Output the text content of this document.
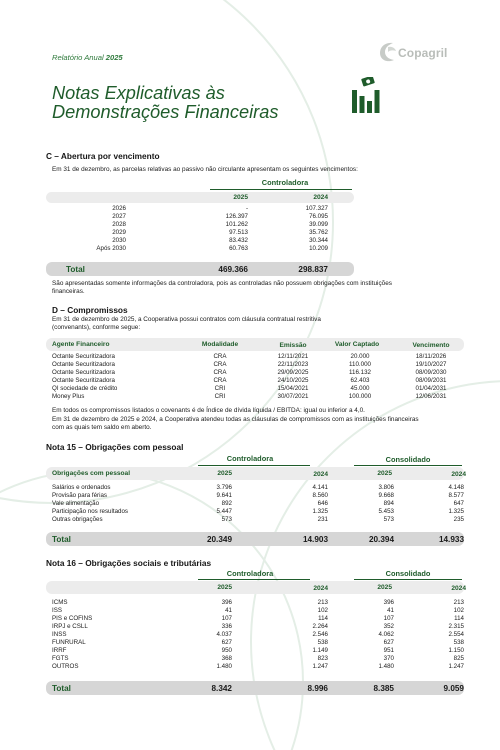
Relatório Anual 2025	Copagril
Notas Explicativas às
Demonstrações Financeiras
C – Abertura por vencimento
Em 31 de dezembro, as parcelas relativas ao passivo não circulante apresentam os seguintes vencimentos:
Controladora
2025	2024
2026	-	107.327
2027	126.397	76.095
2028	101.262	39.099
2029	97.513	35.762
2030	83.432	30.344
Após 2030	60.763	10.209
Total	469.366	298.837
São apresentadas somente informações da controladora, pois as controladas não possuem obrigações com instituições financeiras.
D – Compromissos
Em 31 de dezembro de 2025, a Cooperativa possui contratos com cláusula contratual restritiva (convenants), conforme segue:
Agente Financeiro	Modalidade	Emissão	Valor Captado	Vencimento
Octante Securitizadora	CRA	12/11/2021	20.000	18/11/2026
Octante Securitizadora	CRA	22/11/2023	110.000	19/10/2027
Octante Securitizadora	CRA	29/09/2025	116.132	08/09/2030
Octante Securitizadora	CRA	24/10/2025	62.403	08/09/2031
QI sociedade de crédito	CRI	15/04/2021	45.000	01/04/2031
Money Plus	CRI	30/07/2021	100.000	12/06/2031
Em todos os compromissos listados o covenants é de Índice de dívida líquida / EBITDA: igual ou inferior a 4,0.
Em 31 de dezembro de 2025 e 2024, a Cooperativa atendeu todas as cláusulas de compromissos com as instituições financeiras com as quais tem saldo em aberto.
Nota 15 – Obrigações com pessoal
Controladora	Consolidado
Obrigações com pessoal	2025	2024	2025	2024
Salários e ordenados	3.796	4.141	3.806	4.148
Provisão para férias	9.641	8.560	9.668	8.577
Vale alimentação	892	646	894	647
Participação nos resultados	5.447	1.325	5.453	1.325
Outras obrigações	573	231	573	235
Total	20.349	14.903	20.394	14.933
Nota 16 – Obrigações sociais e tributárias
Controladora	Consolidado
2025	2024	2025	2024
ICMS	396	213	396	213
ISS	41	102	41	102
PIS e COFINS	107	114	107	114
IRPJ e CSLL	336	2.264	352	2.315
INSS	4.037	2.546	4.062	2.554
FUNRURAL	627	538	627	538
IRRF	950	1.149	951	1.150
FGTS	368	823	370	825
OUTROS	1.480	1.247	1.480	1.247
Total	8.342	8.996	8.385	9.059
